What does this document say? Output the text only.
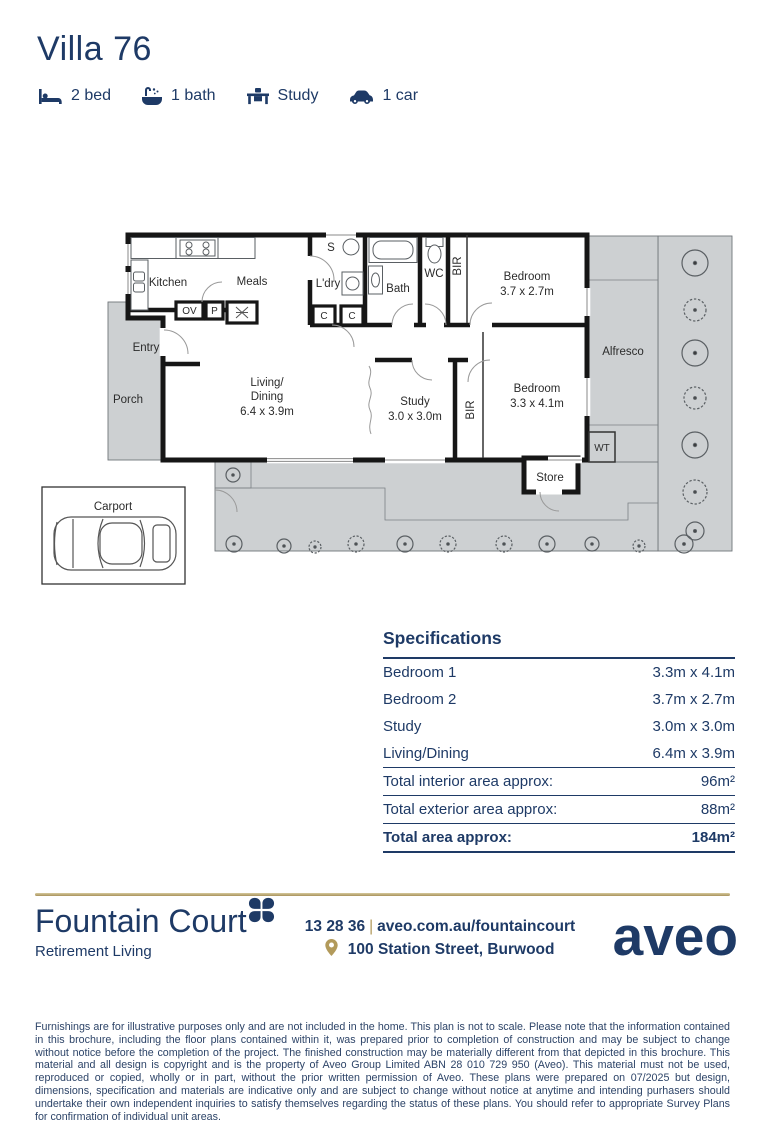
Villa 76
2 bed	1 bath	Study	1 car
Kitchen	Meals	L'dry
S
OV P	C C
Bath
WC BIR
Bedroom
3.7 x 2.7m
Entry
Porch
Living/
Dining
6.4 x 3.9m
Study
3.0 x 3.0m BIR
Bedroom
3.3 x 4.1m
Alfresco
WT
Store
Carport
Specifications
Bedroom 1	3.3m x 4.1m
Bedroom 2	3.7m x 2.7m
Study	3.0m x 3.0m
Living/Dining	6.4m x 3.9m
Total interior area approx:	96m²
Total exterior area approx:	88m²
Total area approx:	184m²
Fountain Court
Retirement Living
13 28 36 | aveo.com.au/fountaincourt
100 Station Street, Burwood	aveo

Furnishings are for illustrative purposes only and are not included in the home. This plan is not to scale. Please note that the information contained in this brochure, including the floor plans contained within it, was prepared prior to completion of construction and may be subject to change without notice before the completion of the project. The finished construction may be materially different from that depicted in this brochure. This material and all design is copyright and is the property of Aveo Group Limited ABN 28 010 729 950 (Aveo). This material must not be used, reproduced or copied, wholly or in part, without the prior written permission of Aveo. These plans were prepared on 07/2025 but design, dimensions, specification and materials are indicative only and are subject to change without notice at anytime and intending purhasers should undertake their own independent inquiries to satisfy themselves regarding the status of these plans. You should refer to appropriate Survey Plans for confirmation of individual unit areas.
